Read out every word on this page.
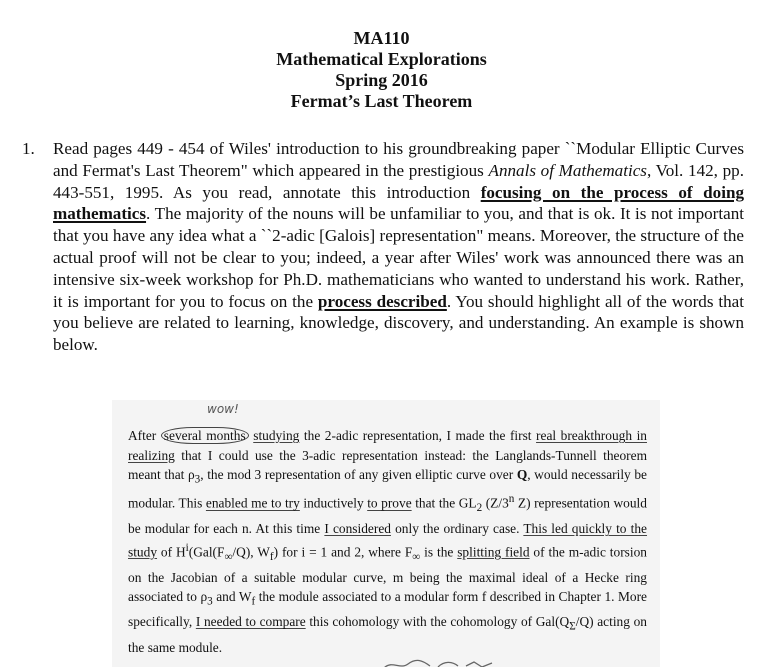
MA110
Mathematical Explorations
Spring 2016
Fermat’s Last Theorem
1. Read pages 449 - 454 of Wiles' introduction to his groundbreaking paper ``Modular Elliptic Curves and Fermat's Last Theorem" which appeared in the prestigious Annals of Mathematics, Vol. 142, pp. 443-551, 1995. As you read, annotate this introduction focusing on the process of doing mathematics. The majority of the nouns will be unfamiliar to you, and that is ok. It is not important that you have any idea what a ``2-adic [Galois] representation" means. Moreover, the structure of the actual proof will not be clear to you; indeed, a year after Wiles' work was announced there was an intensive six-week workshop for Ph.D. mathematicians who wanted to understand his work. Rather, it is important for you to focus on the process described. You should highlight all of the words that you believe are related to learning, knowledge, discovery, and understanding. An example is shown below.
wow!
After several months studying the 2-adic representation, I made the first real breakthrough in realizing that I could use the 3-adic representation instead: the Langlands-Tunnell theorem meant that $\rho_3$, the mod 3 representation of any given elliptic curve over Q, would necessarily be modular. This enabled me to try inductively to prove that the $GL_2$ (Z/3$^n$ Z) representation would be modular for each n. At this time I considered only the ordinary case. This led quickly to the study of $H^i(Gal(F_\infty/Q)$, $W_f$) for i = 1 and 2, where $F_\infty$ is the splitting field of the m-adic torsion on the Jacobian of a suitable modular curve, m being the maximal ideal of a Hecke ring associated to $\rho_3$ and $W_f$ the module associated to a modular form f described in Chapter 1. More specifically, I needed to compare this cohomology with the cohomology of $Gal(Q_\Sigma/Q)$ acting on the same module.
